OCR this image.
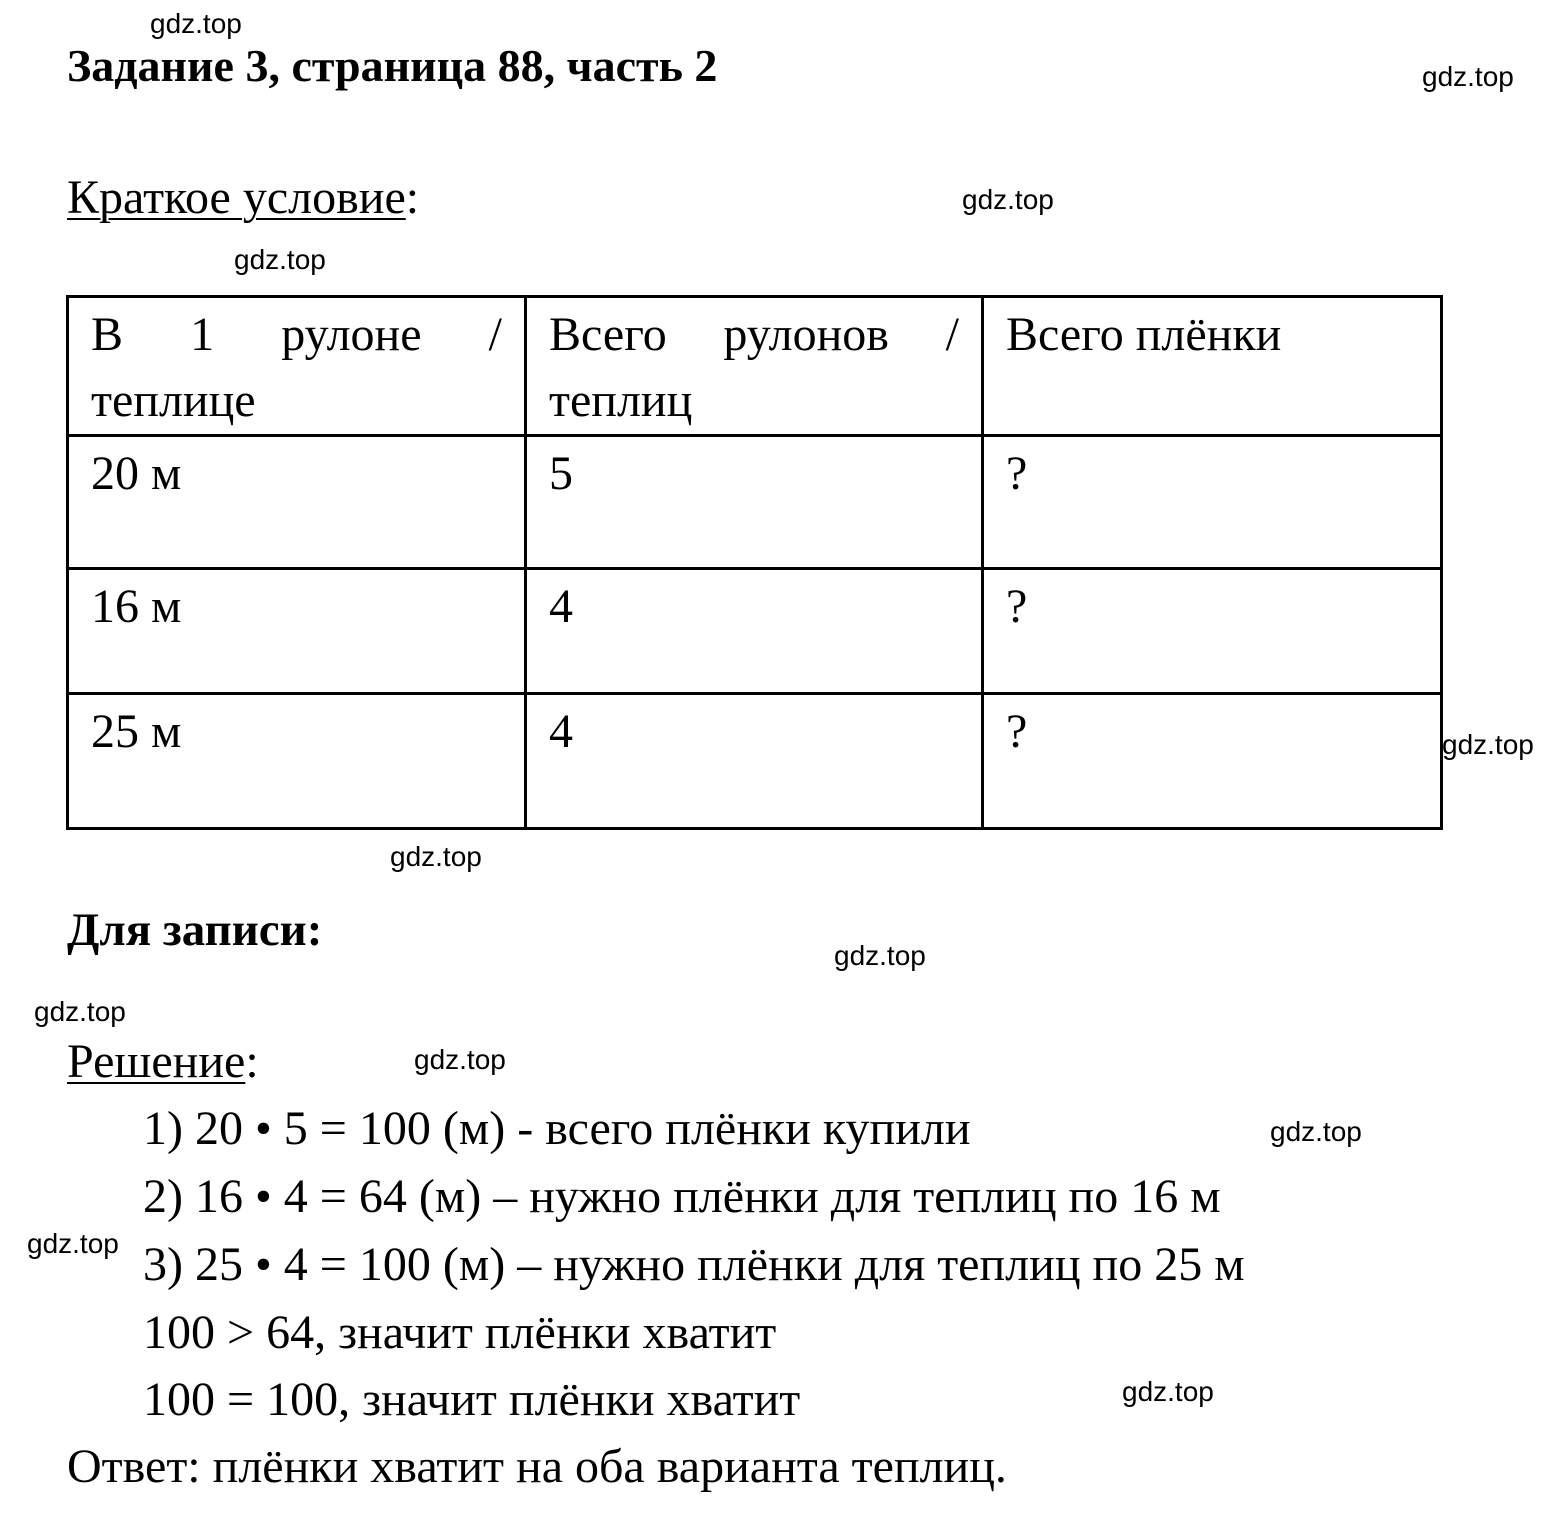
Задание 3, страница 88, часть 2
Краткое условие:
В 1 рулоне / теплице	Всего рулонов / теплиц	Всего плёнки
20 м	5	?
16 м	4	?
25 м	4	?
Для записи:
Решение:
1) 20 • 5 = 100 (м) - всего плёнки купили
2) 16 • 4 = 64 (м) – нужно плёнки для теплиц по 16 м
3) 25 • 4 = 100 (м) – нужно плёнки для теплиц по 25 м
100 > 64, значит плёнки хватит
100 = 100, значит плёнки хватит
Ответ: плёнки хватит на оба варианта теплиц.
gdz.top
gdz.top
gdz.top
gdz.top
gdz.top
gdz.top
gdz.top
gdz.top
gdz.top
gdz.top
gdz.top
gdz.top
